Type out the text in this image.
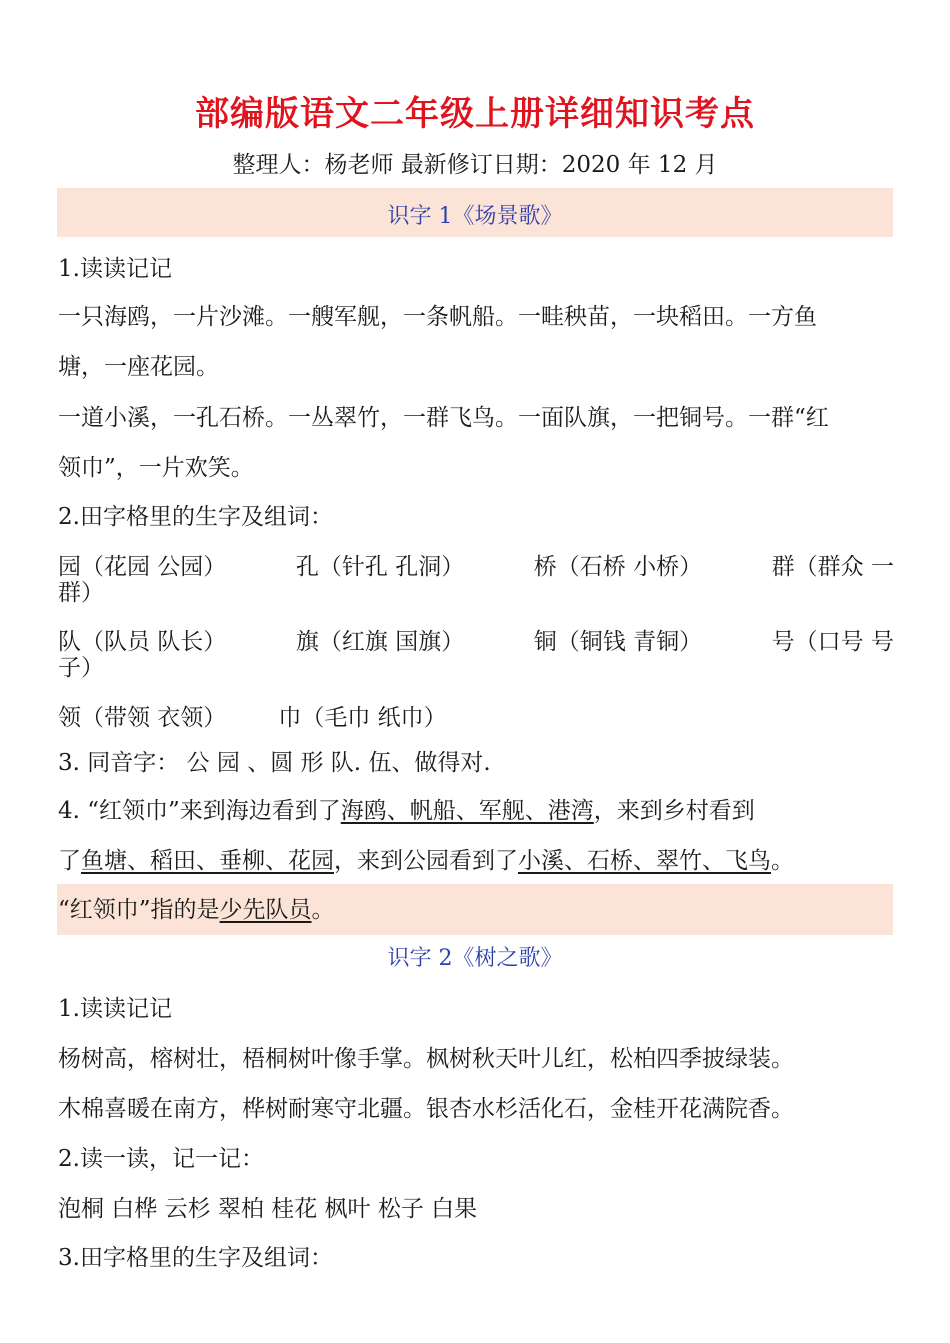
部编版语文二年级上册详细知识考点
整理人：杨老师 最新修订日期：2020 年 12 月
识字 1《场景歌》
1.读读记记
一只海鸥，一片沙滩。一艘军舰，一条帆船。一畦秧苗，一块稻田。一方鱼
塘，一座花园。
一道小溪，一孔石桥。一丛翠竹，一群飞鸟。一面队旗，一把铜号。一群“红
领巾”，一片欢笑。
2.田字格里的生字及组词：
园（花园 公园）	孔（针孔 孔洞）	桥（石桥 小桥）	群（群众 一
群）
队（队员 队长）	旗（红旗 国旗）	铜（铜钱 青铜）	号（口号 号
子）
领（带领 衣领） 巾（毛巾 纸巾）
3. 同音字： 公 园 、圆 形 队. 伍、做得对.
4. “红领巾”来到海边看到了海鸥、帆船、军舰、港湾，来到乡村看到
了鱼塘、稻田、垂柳、花园，来到公园看到了小溪、石桥、翠竹、飞鸟。
“红领巾”指的是少先队员。
识字 2《树之歌》
1.读读记记
杨树高，榕树壮，梧桐树叶像手掌。枫树秋天叶儿红，松柏四季披绿装。
木棉喜暖在南方，桦树耐寒守北疆。银杏水杉活化石，金桂开花满院香。
2.读一读，记一记：
泡桐 白桦 云杉 翠柏 桂花 枫叶 松子 白果
3.田字格里的生字及组词：
